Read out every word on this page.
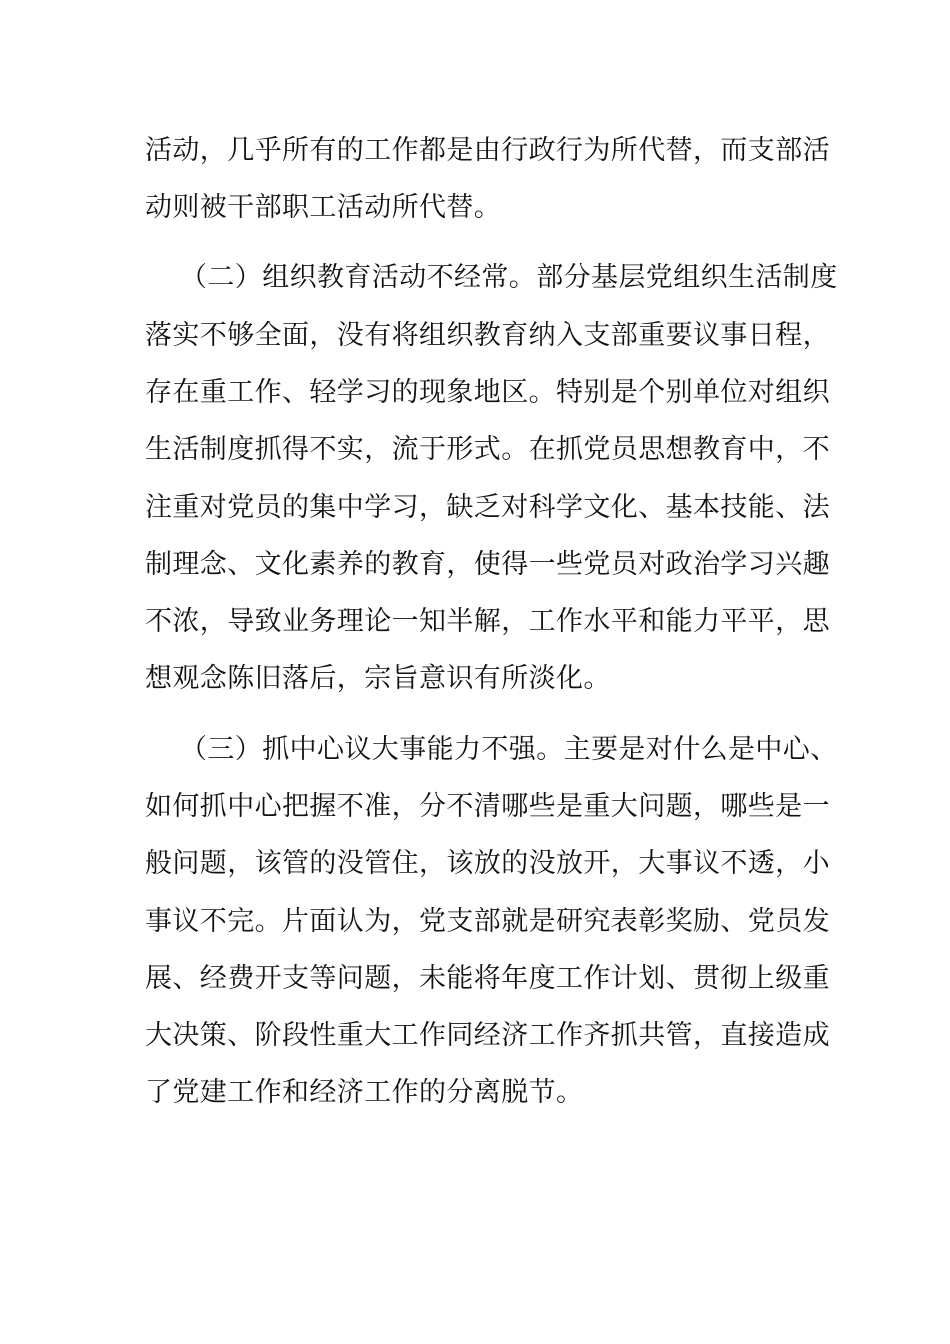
活动，几乎所有的工作都是由行政行为所代替，而支部活
动则被干部职工活动所代替。
（二）组织教育活动不经常。部分基层党组织生活制度
落实不够全面，没有将组织教育纳入支部重要议事日程，
存在重工作、轻学习的现象地区。特别是个别单位对组织
生活制度抓得不实，流于形式。在抓党员思想教育中，不
注重对党员的集中学习，缺乏对科学文化、基本技能、法
制理念、文化素养的教育，使得一些党员对政治学习兴趣
不浓，导致业务理论一知半解，工作水平和能力平平，思
想观念陈旧落后，宗旨意识有所淡化。
（三）抓中心议大事能力不强。主要是对什么是中心、
如何抓中心把握不准，分不清哪些是重大问题，哪些是一
般问题，该管的没管住，该放的没放开，大事议不透，小
事议不完。片面认为，党支部就是研究表彰奖励、党员发
展、经费开支等问题，未能将年度工作计划、贯彻上级重
大决策、阶段性重大工作同经济工作齐抓共管，直接造成
了党建工作和经济工作的分离脱节。
